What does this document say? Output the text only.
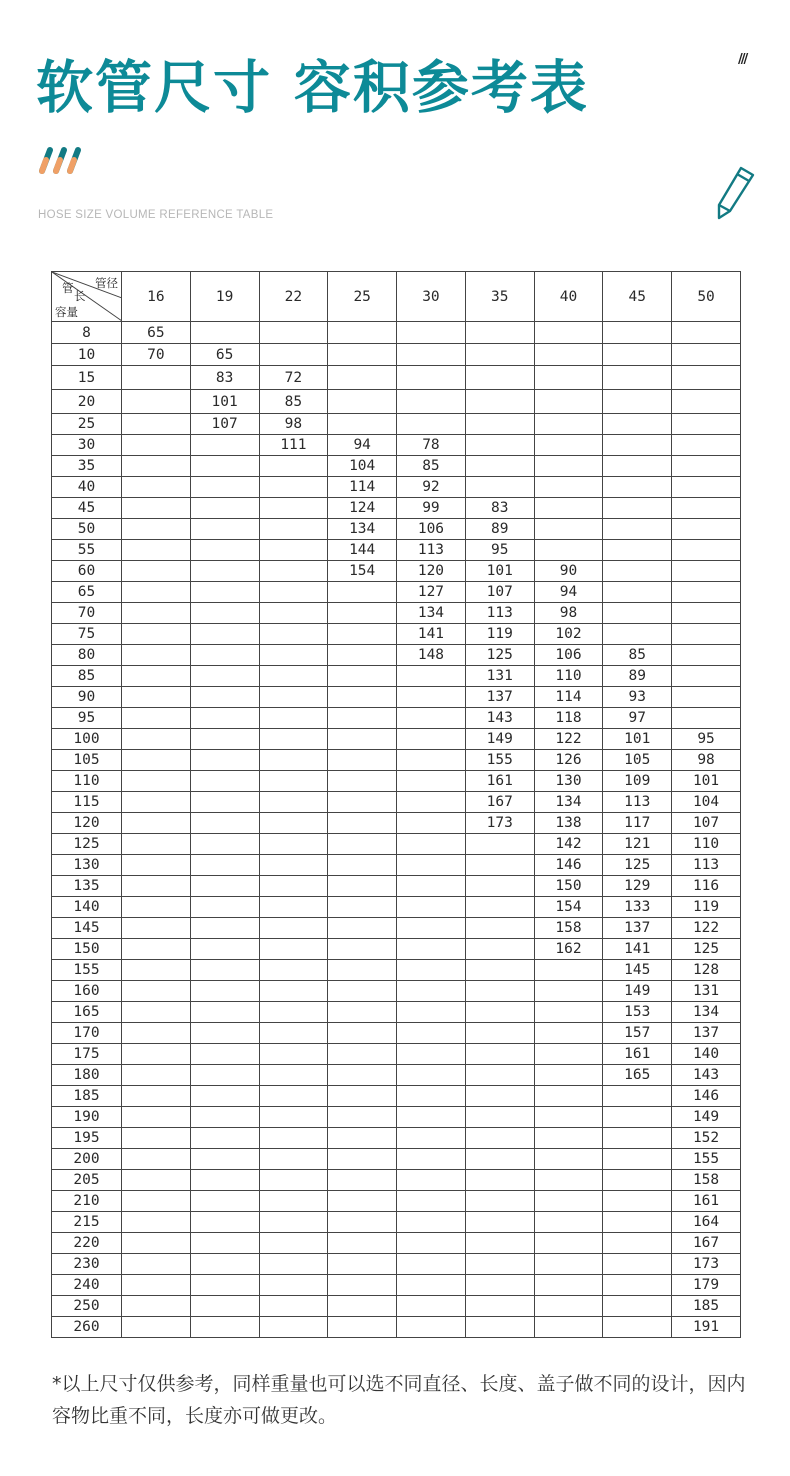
软管尺寸 容积参考表	///
HOSE SIZE VOLUME REFERENCE TABLE
管径
管
长
容量	16	19	22	25	30	35	40	45	50
8	65								
10	70	65							
15		83	72						
20		101	85						
25		107	98						
30			111	94	78				
35				104	85				
40				114	92				
45				124	99	83			
50				134	106	89			
55				144	113	95			
60				154	120	101	90		
65					127	107	94		
70					134	113	98		
75					141	119	102		
80					148	125	106	85	
85						131	110	89	
90						137	114	93	
95						143	118	97	
100						149	122	101	95
105						155	126	105	98
110						161	130	109	101
115						167	134	113	104
120						173	138	117	107
125							142	121	110
130							146	125	113
135							150	129	116
140							154	133	119
145							158	137	122
150							162	141	125
155								145	128
160								149	131
165								153	134
170								157	137
175								161	140
180								165	143
185									146
190									149
195									152
200									155
205									158
210									161
215									164
220									167
230									173
240									179
250									185
260									191

*以上尺寸仅供参考，同样重量也可以选不同直径、长度、盖子做不同的设计，因内容物比重不同，长度亦可做更改。
